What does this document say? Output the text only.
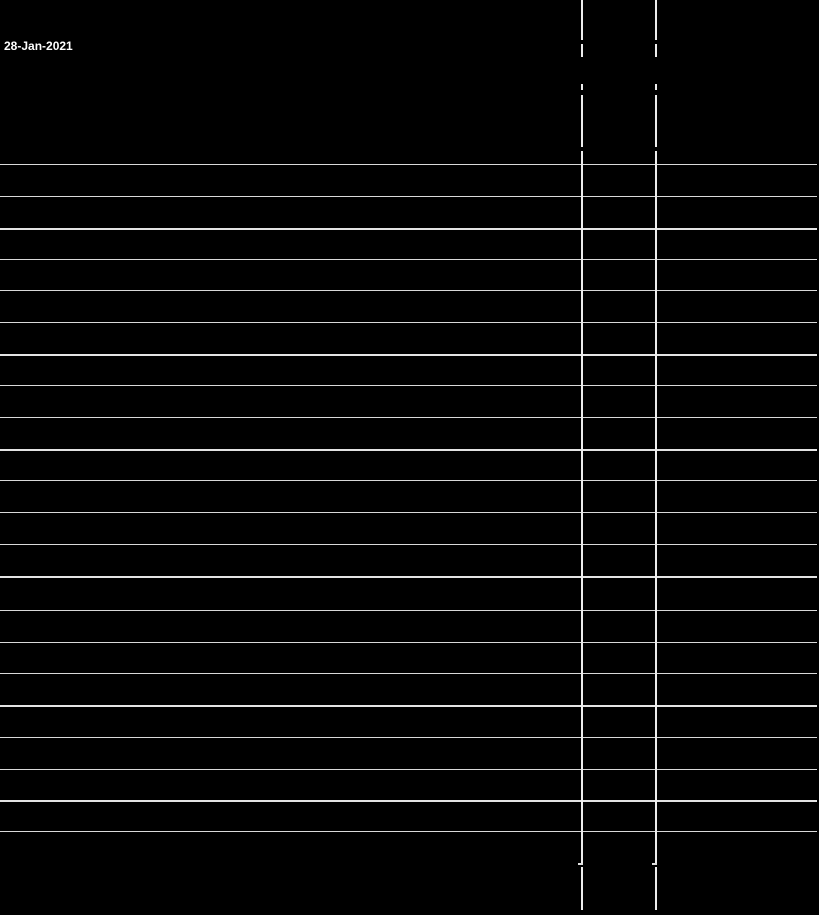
28-Jan-2021
